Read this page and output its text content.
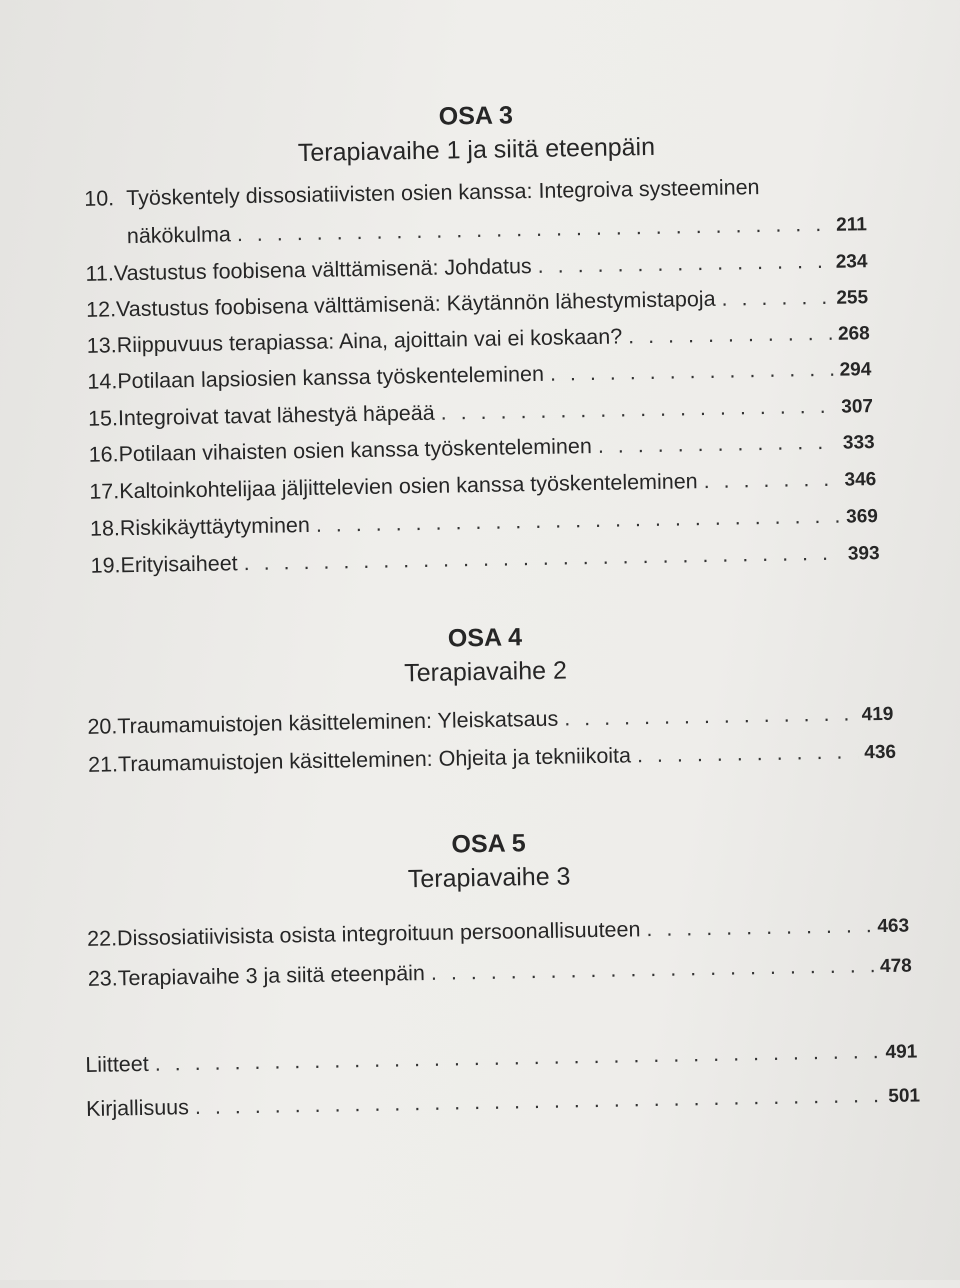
OSA 3
Terapiavaihe 1 ja siitä eteenpäin
10. Työskentely dissosiatiivisten osien kanssa: Integroiva systeeminen
näkökulma . . .	211
11. Vastustus foobisena välttämisenä: Johdatus . . .	234
12. Vastustus foobisena välttämisenä: Käytännön lähestymistapoja . . .	255
13. Riippuvuus terapiassa: Aina, ajoittain vai ei koskaan? . . .	268
14. Potilaan lapsiosien kanssa työskenteleminen . . .	294
15. Integroivat tavat lähestyä häpeää . . .	307
16. Potilaan vihaisten osien kanssa työskenteleminen . . .	333
17. Kaltoinkohtelijaa jäljittelevien osien kanssa työskenteleminen . . .	346
18. Riskikäyttäytyminen . . .	369
19. Erityisaiheet . . .	393
OSA 4
Terapiavaihe 2
20. Traumamuistojen käsitteleminen: Yleiskatsaus . . .	419
21. Traumamuistojen käsitteleminen: Ohjeita ja tekniikoita . . .	436
OSA 5
Terapiavaihe 3
22. Dissosiatiivisista osista integroituun persoonallisuuteen . . .	463
23. Terapiavaihe 3 ja siitä eteenpäin . . .	478
Liitteet . . .	491
Kirjallisuus . . .	501
